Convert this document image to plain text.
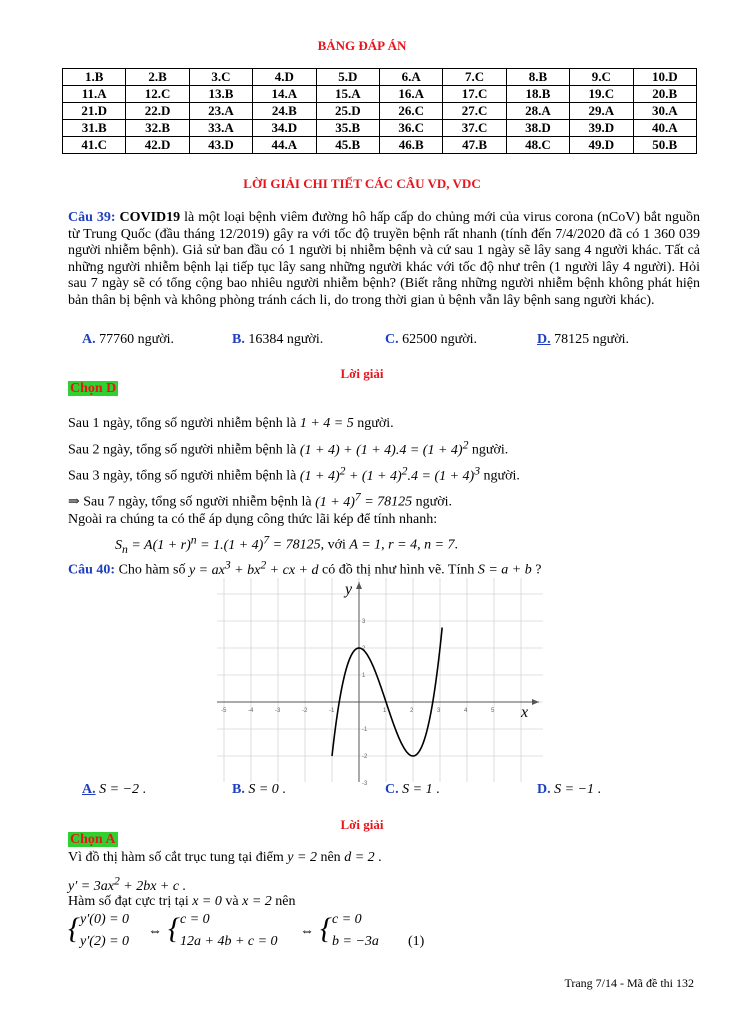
BẢNG ĐÁP ÁN
1.B	2.B	3.C	4.D	5.D	6.A	7.C	8.B	9.C	10.D
11.A	12.C	13.B	14.A	15.A	16.A	17.C	18.B	19.C	20.B
21.D	22.D	23.A	24.B	25.D	26.C	27.C	28.A	29.A	30.A
31.B	32.B	33.A	34.D	35.B	36.C	37.C	38.D	39.D	40.A
41.C	42.D	43.D	44.A	45.B	46.B	47.B	48.C	49.D	50.B
LỜI GIẢI CHI TIẾT CÁC CÂU VD, VDC
Câu 39: COVID19 là một loại bệnh viêm đường hô hấp cấp do chủng mới của virus corona (nCoV) bắt nguồn từ Trung Quốc (đầu tháng 12/2019) gây ra với tốc độ truyền bệnh rất nhanh (tính đến 7/4/2020 đã có 1 360 039 người nhiễm bệnh). Giả sử ban đầu có 1 người bị nhiễm bệnh và cứ sau 1 ngày sẽ lây sang 4 người khác. Tất cả những người nhiễm bệnh lại tiếp tục lây sang những người khác với tốc độ như trên (1 người lây 4 người). Hỏi sau 7 ngày sẽ có tổng cộng bao nhiêu người nhiễm bệnh? (Biết rằng những người nhiễm bệnh không phát hiện bản thân bị bệnh và không phòng tránh cách li, do trong thời gian ủ bệnh vẫn lây bệnh sang người khác).
A. 77760 người.	B. 16384 người.	C. 62500 người.	D. 78125 người.
Lời giải
Chọn D
Sau 1 ngày, tổng số người nhiễm bệnh là 1 + 4 = 5 người.
Sau 2 ngày, tổng số người nhiễm bệnh là $(1 + 4) + (1 + 4).4 = (1 + 4)^2$ người.
Sau 3 ngày, tổng số người nhiễm bệnh là $(1 + 4)^2 + (1 + 4)^2.4 = (1 + 4)^3$ người.
⇒ Sau 7 ngày, tổng số người nhiễm bệnh là $(1 + 4)^7 = 78125$ người.
Ngoài ra chúng ta có thể áp dụng công thức lãi kép để tính nhanh:
$S_n = A(1 + r)^n = 1.(1 + 4)^7 = 78125$, với A = 1, r = 4, n = 7.
Câu 40: Cho hàm số $y = ax^3 + bx^2$ + cx + d có đồ thị như hình vẽ. Tính S = a + b ?
-5	-4	-3	-2	-1	1	2	3	4	5
3
2
1
-1
-2
-3
x
y
A. S = −2 .	B. S = 0 .	C. S = 1 .	D. S = −1 .
Lời giải
Chọn A
Vì đồ thị hàm số cắt trục tung tại điểm y = 2 nên d = 2 .
$y' = 3ax^2 + 2bx + c$ .
Hàm số đạt cực trị tại x = 0 và x = 2 nên
{ y′(0) = 0
y′(2) = 0
⇔ { c = 0
12a + 4b + c = 0
⇔ { c = 0
b = −3a (1)
Trang 7/14 - Mã đề thi 132
